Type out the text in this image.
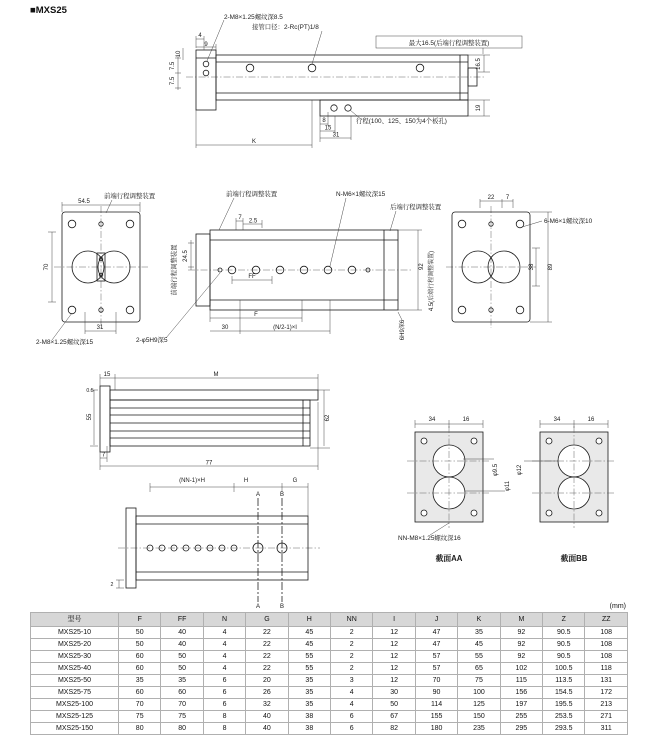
■MXS25
4
9
10
7.5
7.5
16.5
19
8
15
31
K
2-M8×1.25螺纹深8.5
接管口径：2-Rc(PT)1/8
最大16.5(后端行程调整装置)
行程(100、125、150为4个板孔)
54.5
前端行程调整装置
70
31
2-M8×1.25螺纹深15
7
2.5
24.5
92
FF
F
30	(N/2-1)×I
2-φ5H9深5
前端行程调整装置	N-M6×1螺纹深15
后端行程调整装置
前端行程调整装置
6H9深6
4.5(后端行程调整装置)
22 7
6-M6×1螺纹深10
38 89
15	M
0.5
55	62
7
77
(NN-1)×H	H	G
A	B
A	B
2
34	16	34	16
φ9.5
φ11
φ12
NN-M8×1.25螺纹深16
截面AA	截面BB
(mm)
型号	F	FF	N	G	H	NN	I	J	K	M	Z	ZZ
MXS25-10	50	40	4	22	45	2	12	47	35	92	90.5	108
MXS25-20	50	40	4	22	45	2	12	47	45	92	90.5	108
MXS25-30	60	50	4	22	55	2	12	57	55	92	90.5	108
MXS25-40	60	50	4	22	55	2	12	57	65	102	100.5	118
MXS25-50	35	35	6	20	35	3	12	70	75	115	113.5	131
MXS25-75	60	60	6	26	35	4	30	90	100	156	154.5	172
MXS25-100	70	70	6	32	35	4	50	114	125	197	195.5	213
MXS25-125	75	75	8	40	38	6	67	155	150	255	253.5	271
MXS25-150	80	80	8	40	38	6	82	180	235	295	293.5	311
